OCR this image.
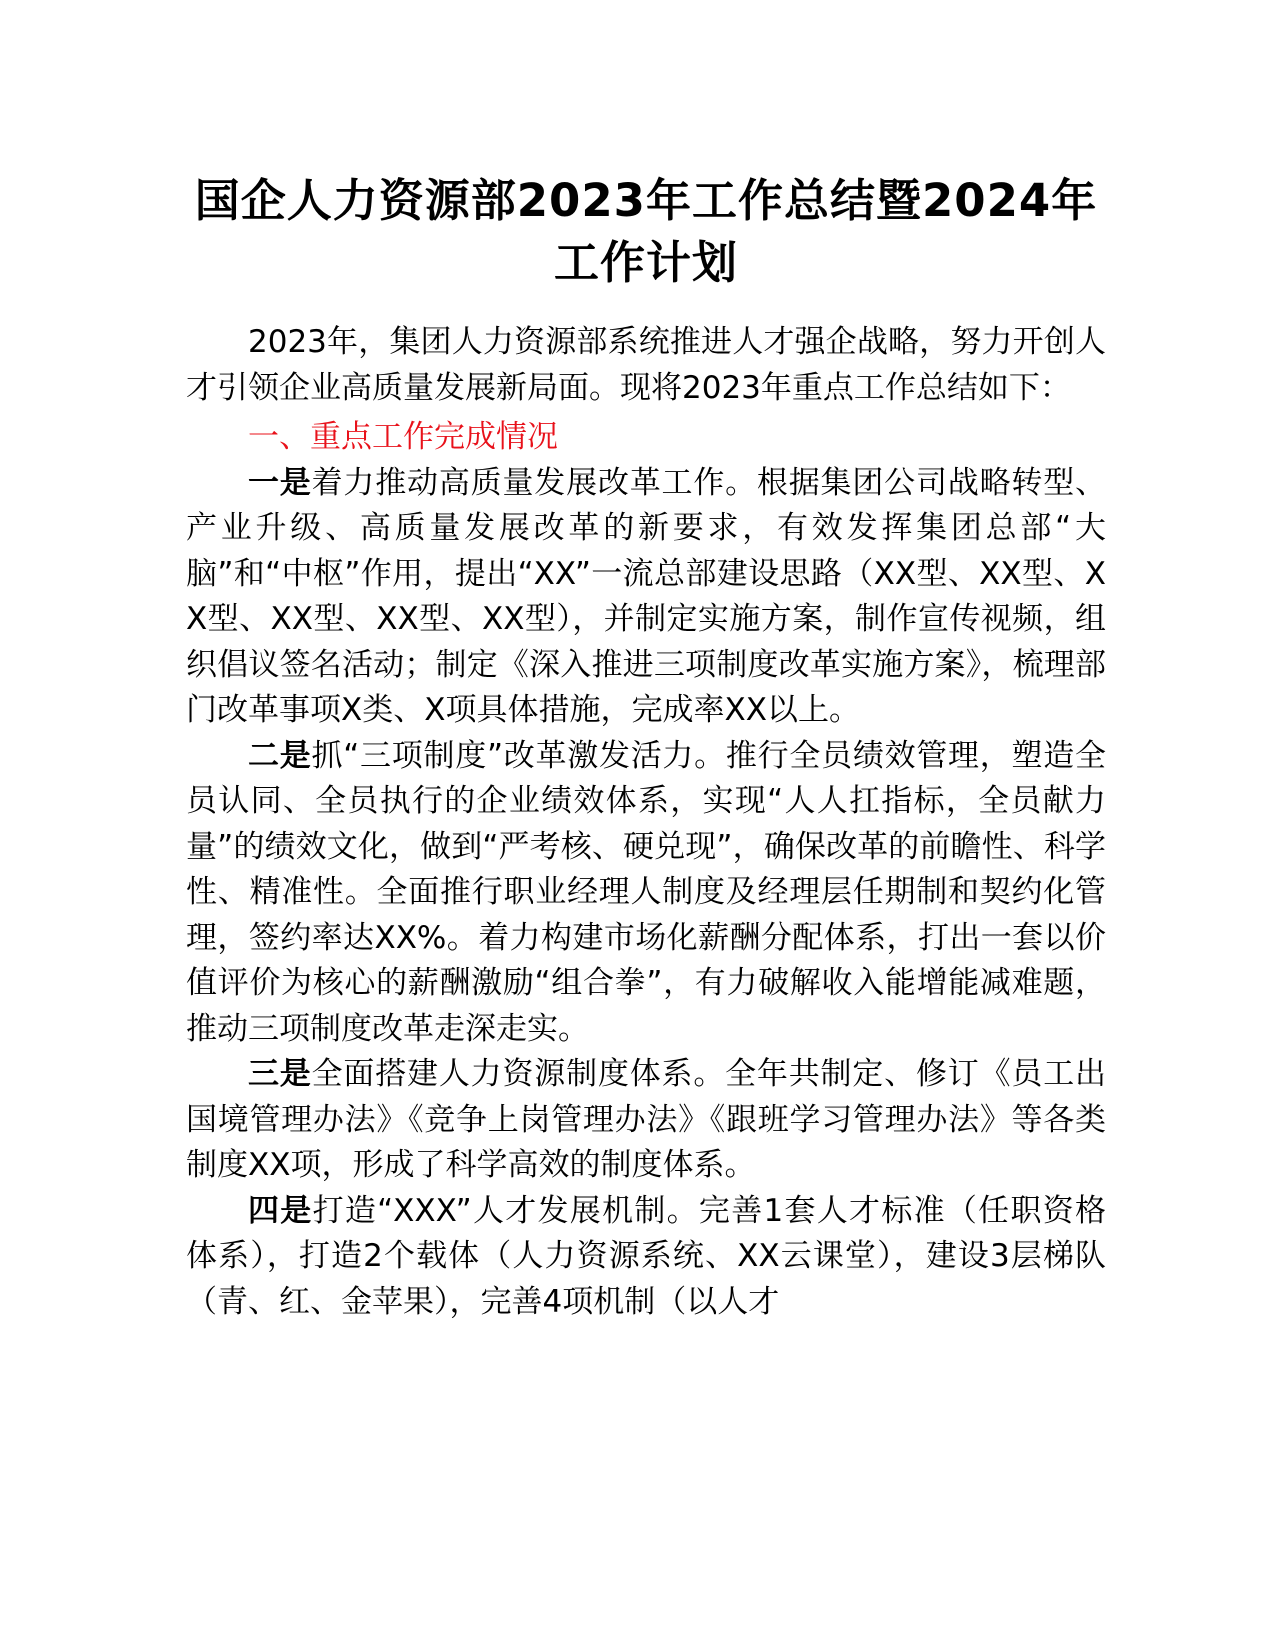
国企人力资源部2023年工作总结暨2024年工作计划

2023年，集团人力资源部系统推进人才强企战略，努力开创人才引领企业高质量发展新局面。现将2023年重点工作总结如下：

一、重点工作完成情况

一是着力推动高质量发展改革工作。根据集团公司战略转型、产业升级、高质量发展改革的新要求，有效发挥集团总部“大脑”和“中枢”作用，提出“XX”一流总部建设思路（XX型、XX型、XX型、XX型、XX型、XX型），并制定实施方案，制作宣传视频，组织倡议签名活动；制定《深入推进三项制度改革实施方案》，梳理部门改革事项X类、X项具体措施，完成率XX以上。

二是抓“三项制度”改革激发活力。推行全员绩效管理，塑造全员认同、全员执行的企业绩效体系，实现“人人扛指标，全员献力量”的绩效文化，做到“严考核、硬兑现”，确保改革的前瞻性、科学性、精准性。全面推行职业经理人制度及经理层任期制和契约化管理，签约率达XX%。着力构建市场化薪酬分配体系，打出一套以价值评价为核心的薪酬激励“组合拳”，有力破解收入能增能减难题，推动三项制度改革走深走实。

三是全面搭建人力资源制度体系。全年共制定、修订《员工出国境管理办法》《竞争上岗管理办法》《跟班学习管理办法》等各类制度XX项，形成了科学高效的制度体系。

四是打造“XXX”人才发展机制。完善1套人才标准（任职资格体系），打造2个载体（人力资源系统、XX云课堂），建设3层梯队（青、红、金苹果），完善4项机制（以人才
